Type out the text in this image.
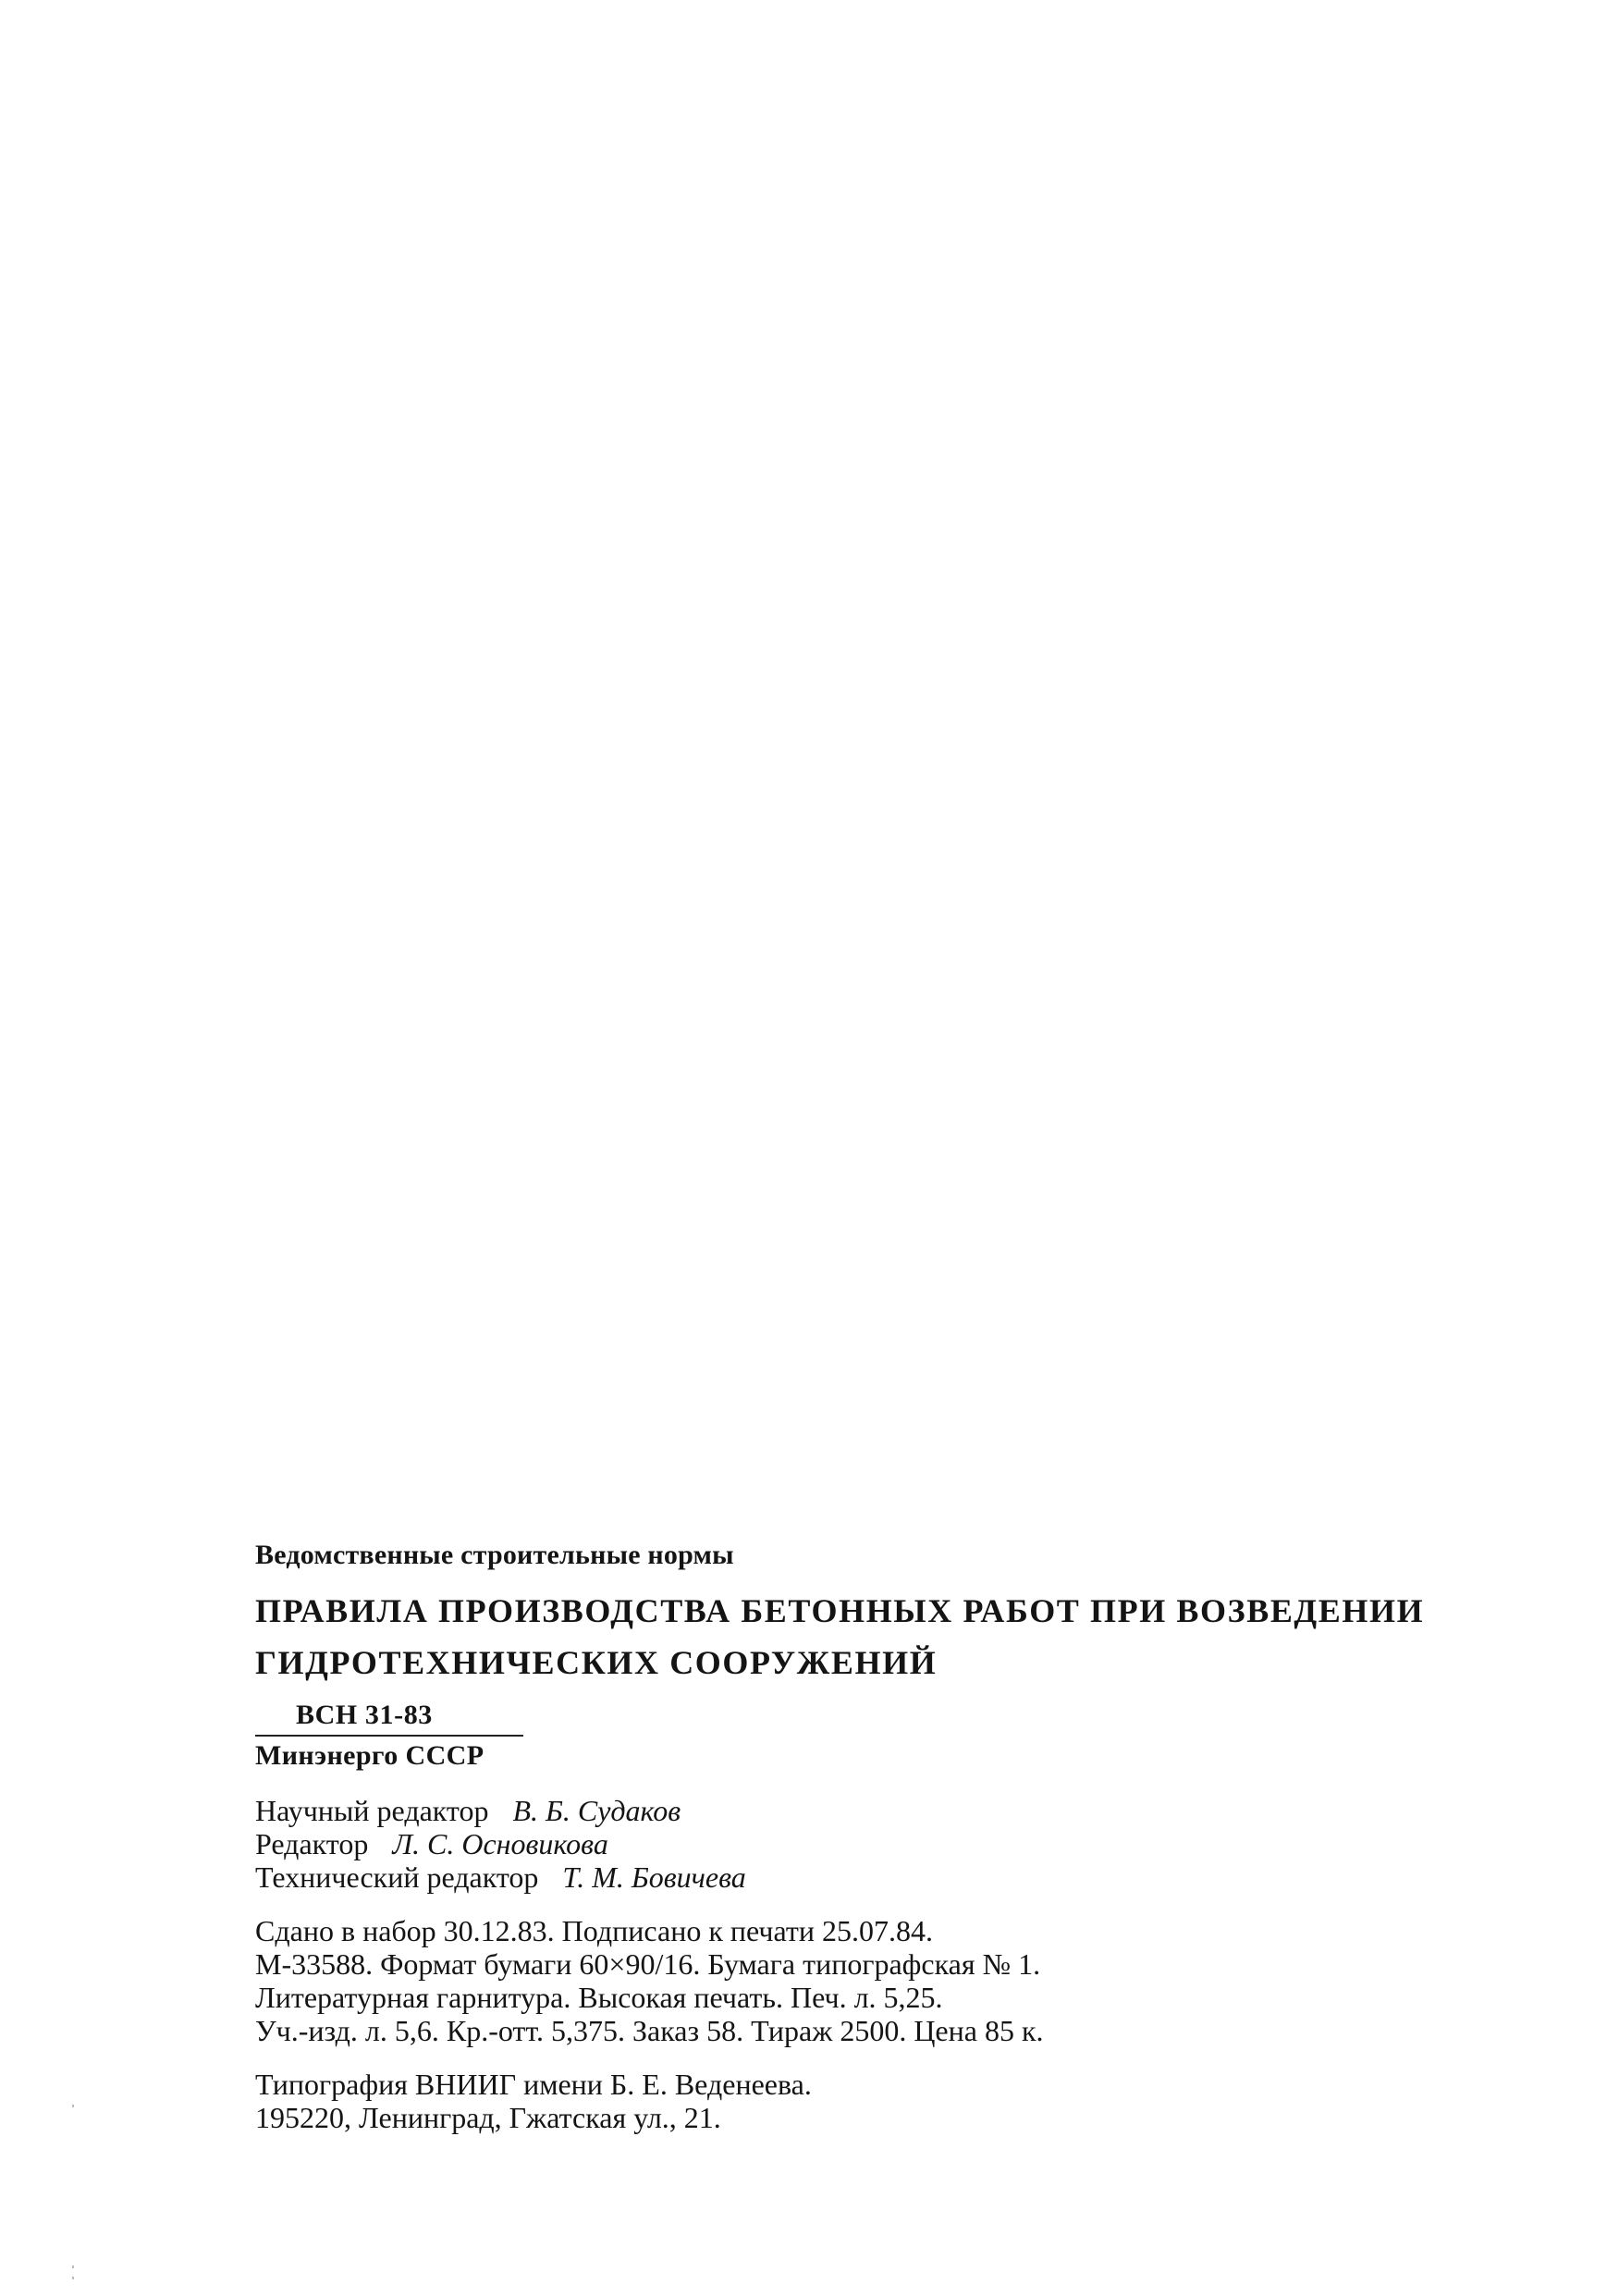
Ведомственные строительные нормы
ПРАВИЛА ПРОИЗВОДСТВА БЕТОННЫХ РАБОТ ПРИ ВОЗВЕДЕНИИ
ГИДРОТЕХНИЧЕСКИХ СООРУЖЕНИЙ
ВСН 31-83
Минэнерго СССР
Научный редактор В. Б. Судаков
Редактор Л. С. Основикова
Технический редактор Т. М. Бовичева
Сдано в набор 30.12.83. Подписано к печати 25.07.84.
М-33588. Формат бумаги 60×90/16. Бумага типографская № 1.
Литературная гарнитура. Высокая печать. Печ. л. 5,25.
Уч.-изд. л. 5,6. Кр.-отт. 5,375. Заказ 58. Тираж 2500. Цена 85 к.
Типография ВНИИГ имени Б. Е. Веденеева.
195220, Ленинград, Гжатская ул., 21.
